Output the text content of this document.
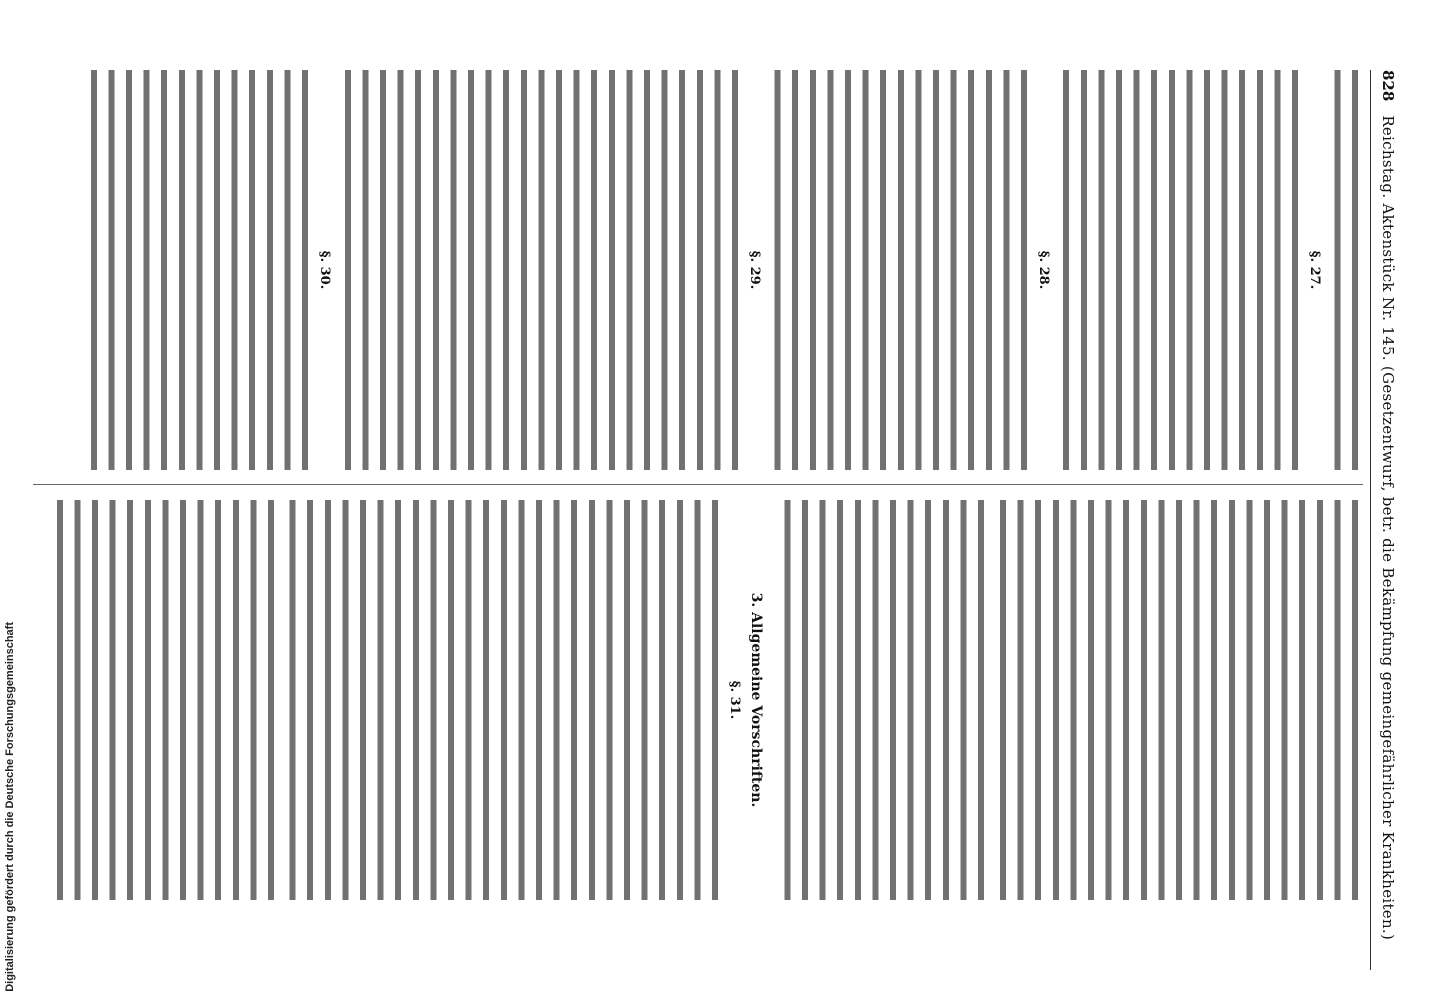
828
Reichstag. Aktenstück Nr. 145. (Gesetzentwurf, betr. die Bekämpfung gemeingefährlicher Krankheiten.)
§. 27.
§. 28.
§. 29.
§. 30.
3. Allgemeine Vorschriften.
§. 31.
Digitalisierung gefördert durch die Deutsche Forschungsgemeinschaft
